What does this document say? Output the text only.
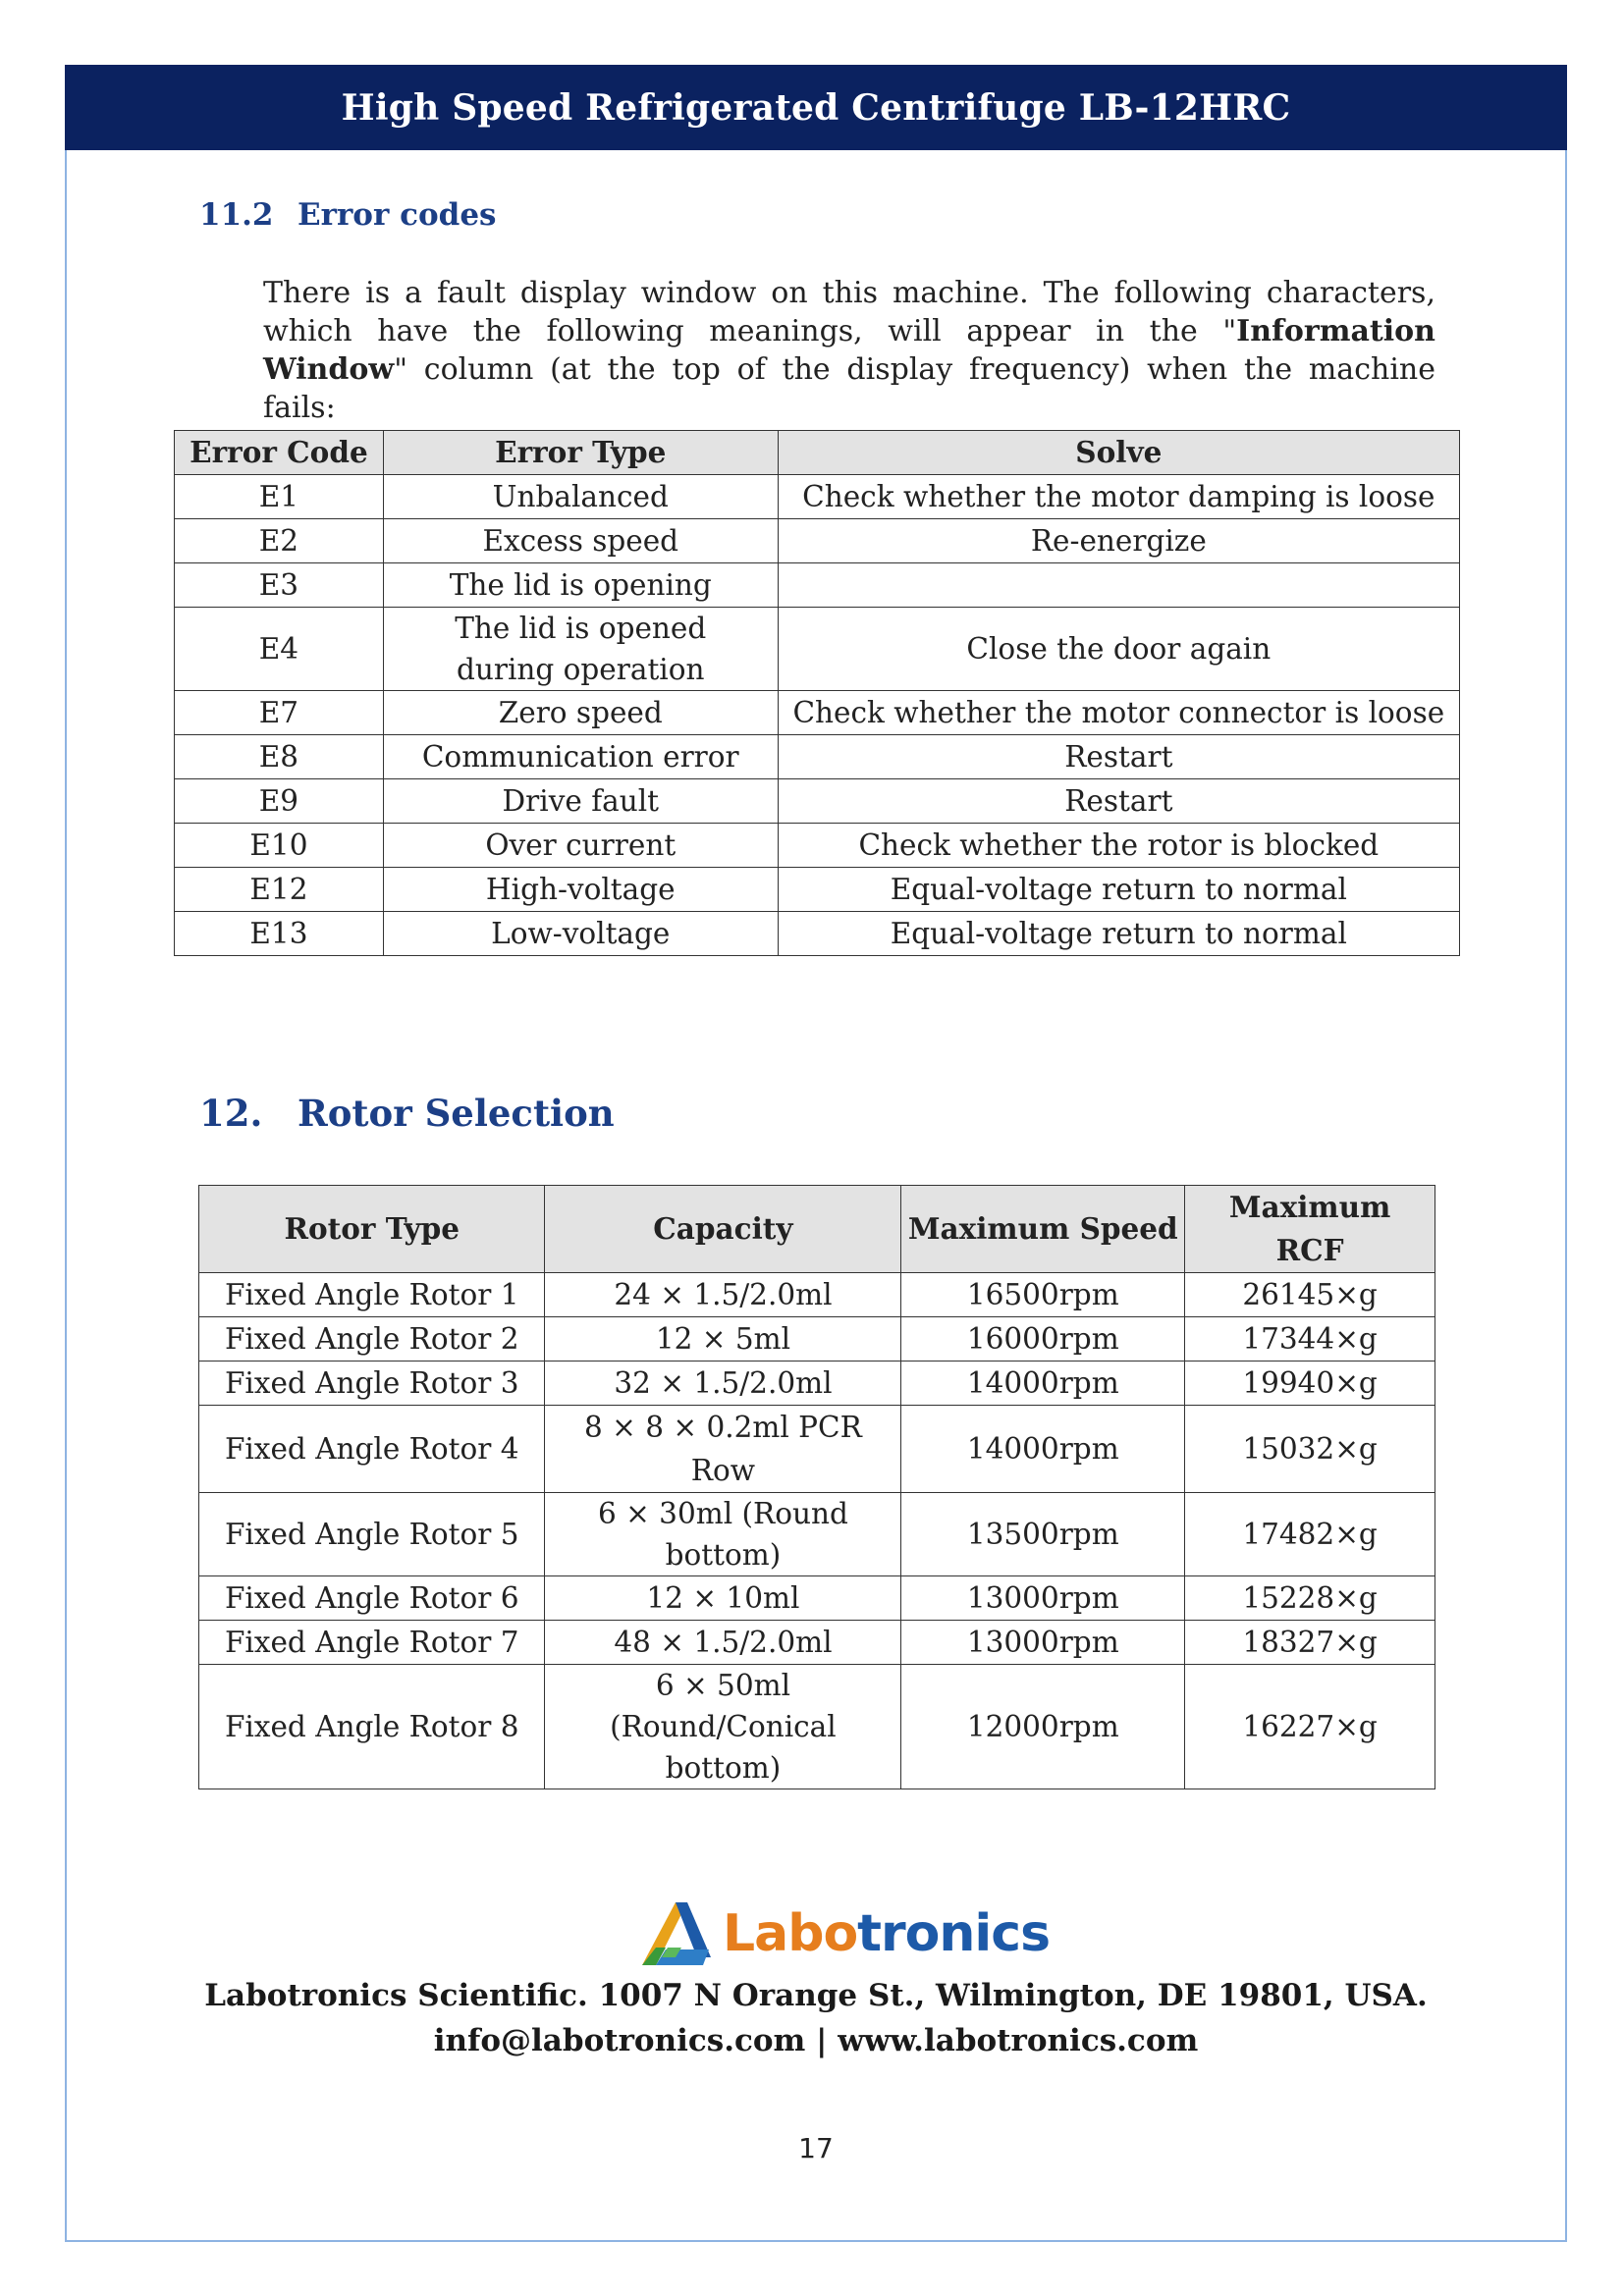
High Speed Refrigerated Centrifuge LB-12HRC
11.2 Error codes
There is a fault display window on this machine. The following characters, which have the following meanings, will appear in the "Information Window" column (at the top of the display frequency) when the machine fails:
Error Code	Error Type	Solve
E1	Unbalanced	Check whether the motor damping is loose
E2	Excess speed	Re-energize
E3	The lid is opening	
E4	The lid is opened during operation	Close the door again
E7	Zero speed	Check whether the motor connector is loose
E8	Communication error	Restart
E9	Drive fault	Restart
E10	Over current	Check whether the rotor is blocked
E12	High-voltage	Equal-voltage return to normal
E13	Low-voltage	Equal-voltage return to normal
12. Rotor Selection
Rotor Type	Capacity	Maximum Speed	Maximum RCF
Fixed Angle Rotor 1	24 × 1.5/2.0ml	16500rpm	26145×g
Fixed Angle Rotor 2	12 × 5ml	16000rpm	17344×g
Fixed Angle Rotor 3	32 × 1.5/2.0ml	14000rpm	19940×g
Fixed Angle Rotor 4	8 × 8 × 0.2ml PCR Row	14000rpm	15032×g
Fixed Angle Rotor 5	6 × 30ml (Round bottom)	13500rpm	17482×g
Fixed Angle Rotor 6	12 × 10ml	13000rpm	15228×g
Fixed Angle Rotor 7	48 × 1.5/2.0ml	13000rpm	18327×g
Fixed Angle Rotor 8	6 × 50ml (Round/Conical bottom)	12000rpm	16227×g
Labotronics
Labotronics Scientific. 1007 N Orange St., Wilmington, DE 19801, USA.
info@labotronics.com | www.labotronics.com
17
